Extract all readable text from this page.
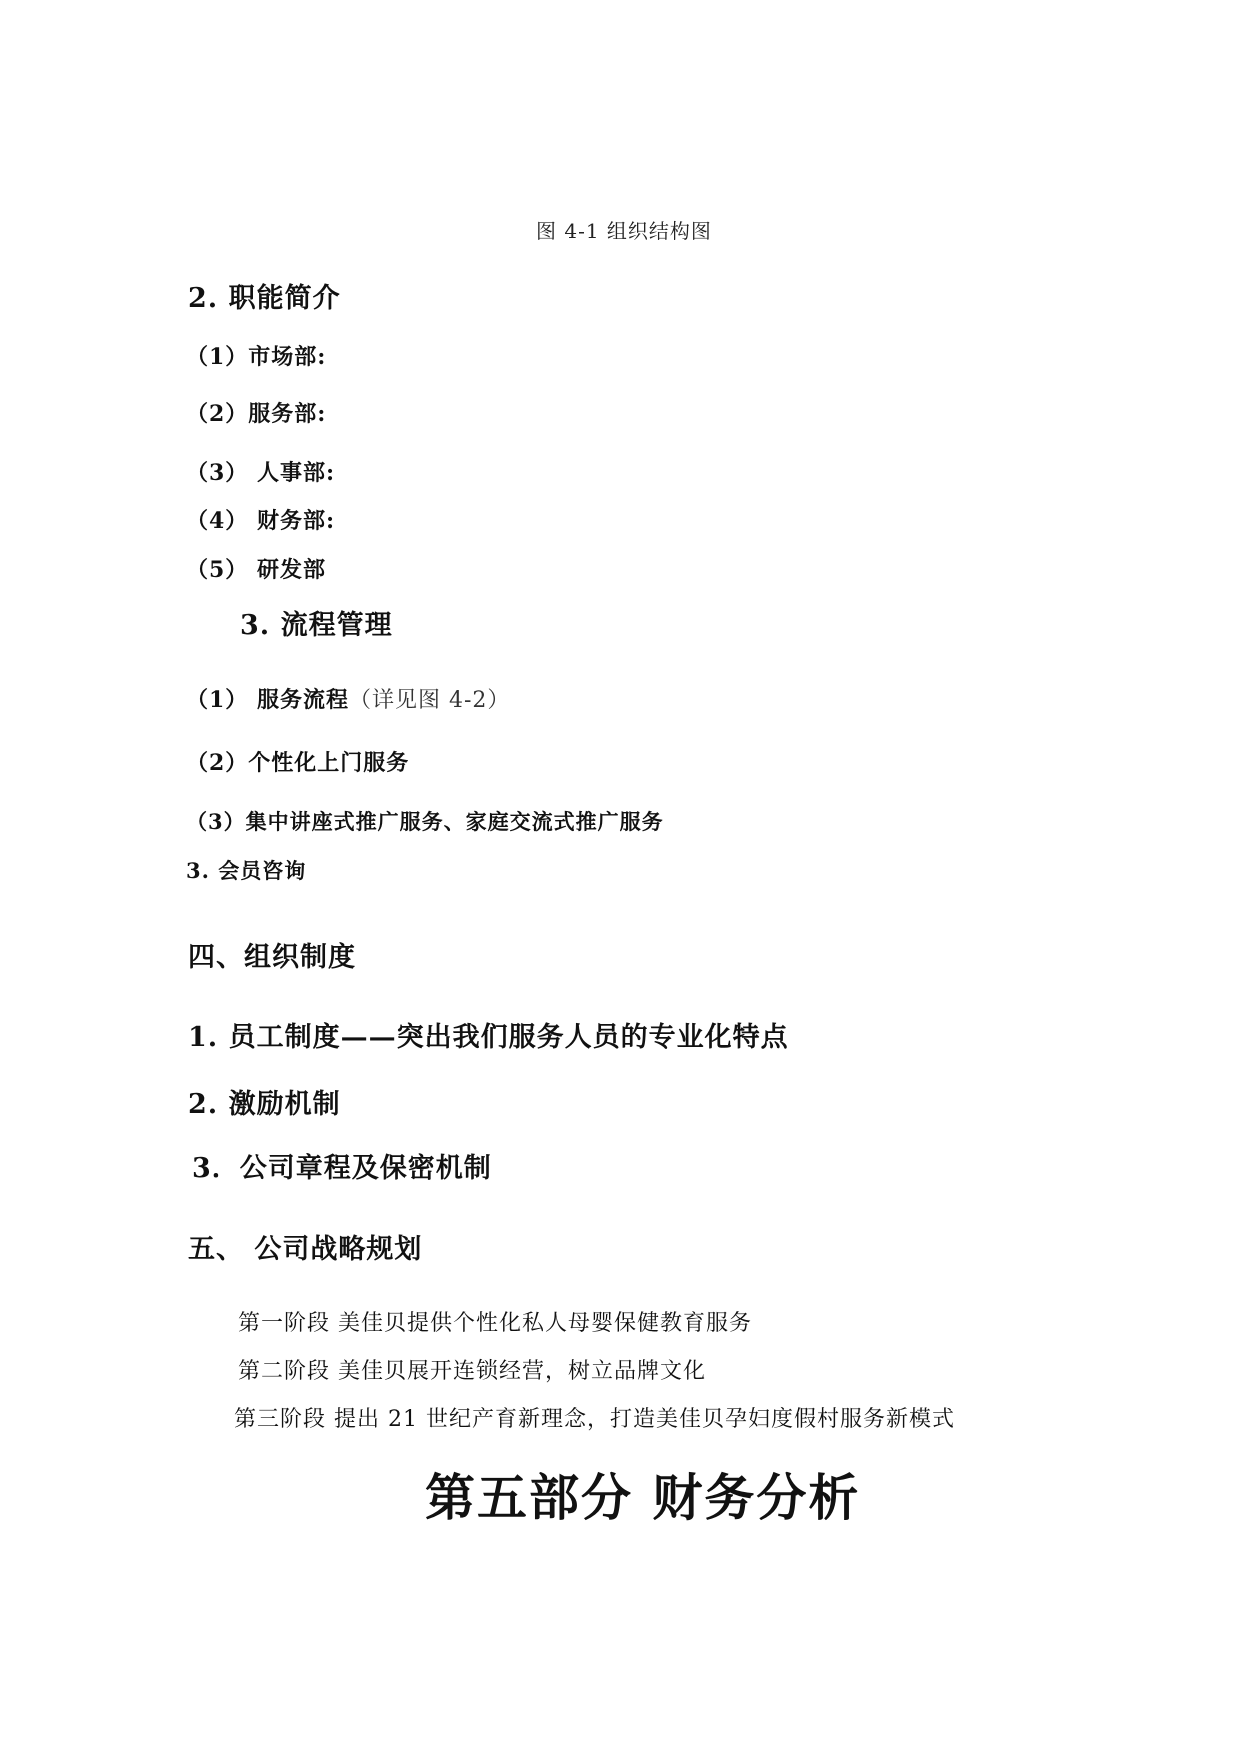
图 4-1 组织结构图
2. 职能简介
（1）市场部:
（2）服务部:
（3） 人事部:
（4） 财务部:
（5） 研发部
3. 流程管理
（1） 服务流程（详见图 4-2）
（2）个性化上门服务
（3）集中讲座式推广服务、家庭交流式推广服务
3. 会员咨询
四、组织制度
1. 员工制度——突出我们服务人员的专业化特点
2. 激励机制
3．公司章程及保密机制
五、 公司战略规划
第一阶段 美佳贝提供个性化私人母婴保健教育服务
第二阶段 美佳贝展开连锁经营，树立品牌文化
第三阶段 提出 21 世纪产育新理念，打造美佳贝孕妇度假村服务新模式
第五部分 财务分析
